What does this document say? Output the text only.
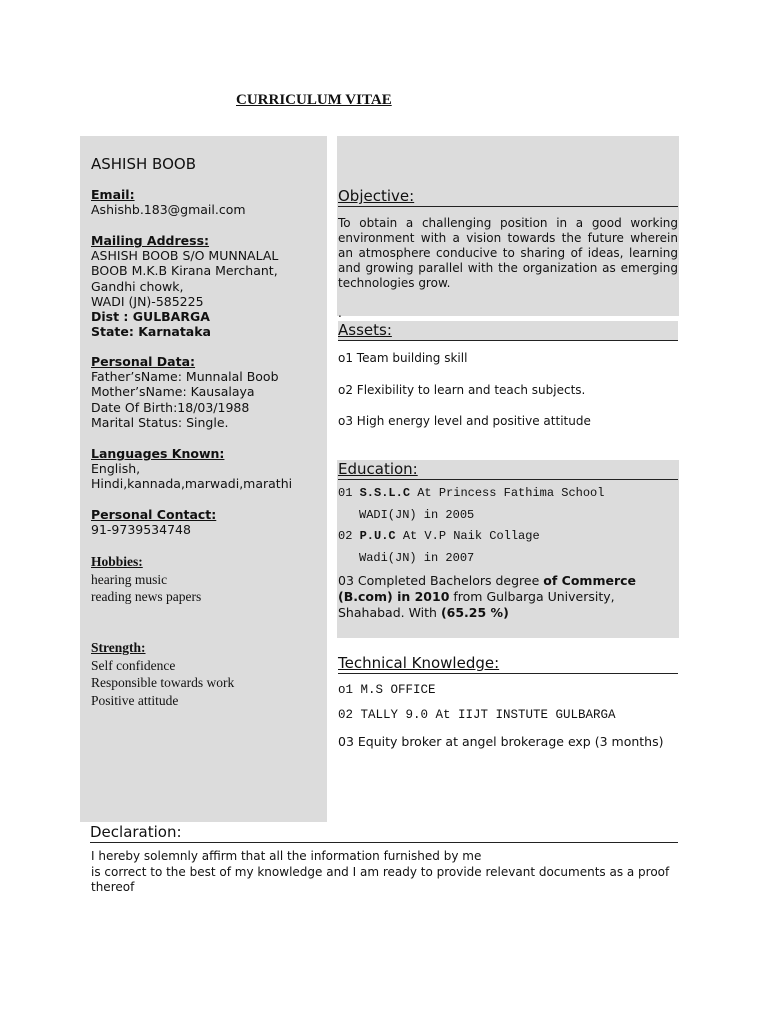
CURRICULUM VITAE
ASHISH BOOB
Email:
Ashishb.183@gmail.com
Mailing Address:
ASHISH BOOB S/O MUNNALAL
BOOB M.K.B Kirana Merchant,
Gandhi chowk,
WADI (JN)-585225
Dist : GULBARGA
State: Karnataka
Personal Data:
Father’sName: Munnalal Boob
Mother’sName: Kausalaya
Date Of Birth:18/03/1988
Marital Status: Single.
Languages Known:
English,
Hindi,kannada,marwadi,marathi
Personal Contact:
91-9739534748
Hobbies:
hearing music
reading news papers
Strength:
Self confidence
Responsible towards work
Positive attitude
Objective:
To obtain a challenging position in a good working environment with a vision towards the future wherein an atmosphere conducive to sharing of ideas, learning and growing parallel with the organization as emerging technologies grow.
.
Assets:
o1 Team building skill
o2 Flexibility to learn and teach subjects.
o3 High energy level and positive attitude
Education:
01 S.S.L.C At Princess Fathima School
WADI(JN) in 2005
02 P.U.C At V.P Naik Collage
Wadi(JN) in 2007
03 Completed Bachelors degree of Commerce (B.com) in 2010 from Gulbarga University, Shahabad. With (65.25 %)
Technical Knowledge:
o1 M.S OFFICE
02 TALLY 9.0 At IIJT INSTUTE GULBARGA
03 Equity broker at angel brokerage exp (3 months)
Declaration:
I hereby solemnly affirm that all the information furnished by me
is correct to the best of my knowledge and I am ready to provide relevant documents as a proof thereof
